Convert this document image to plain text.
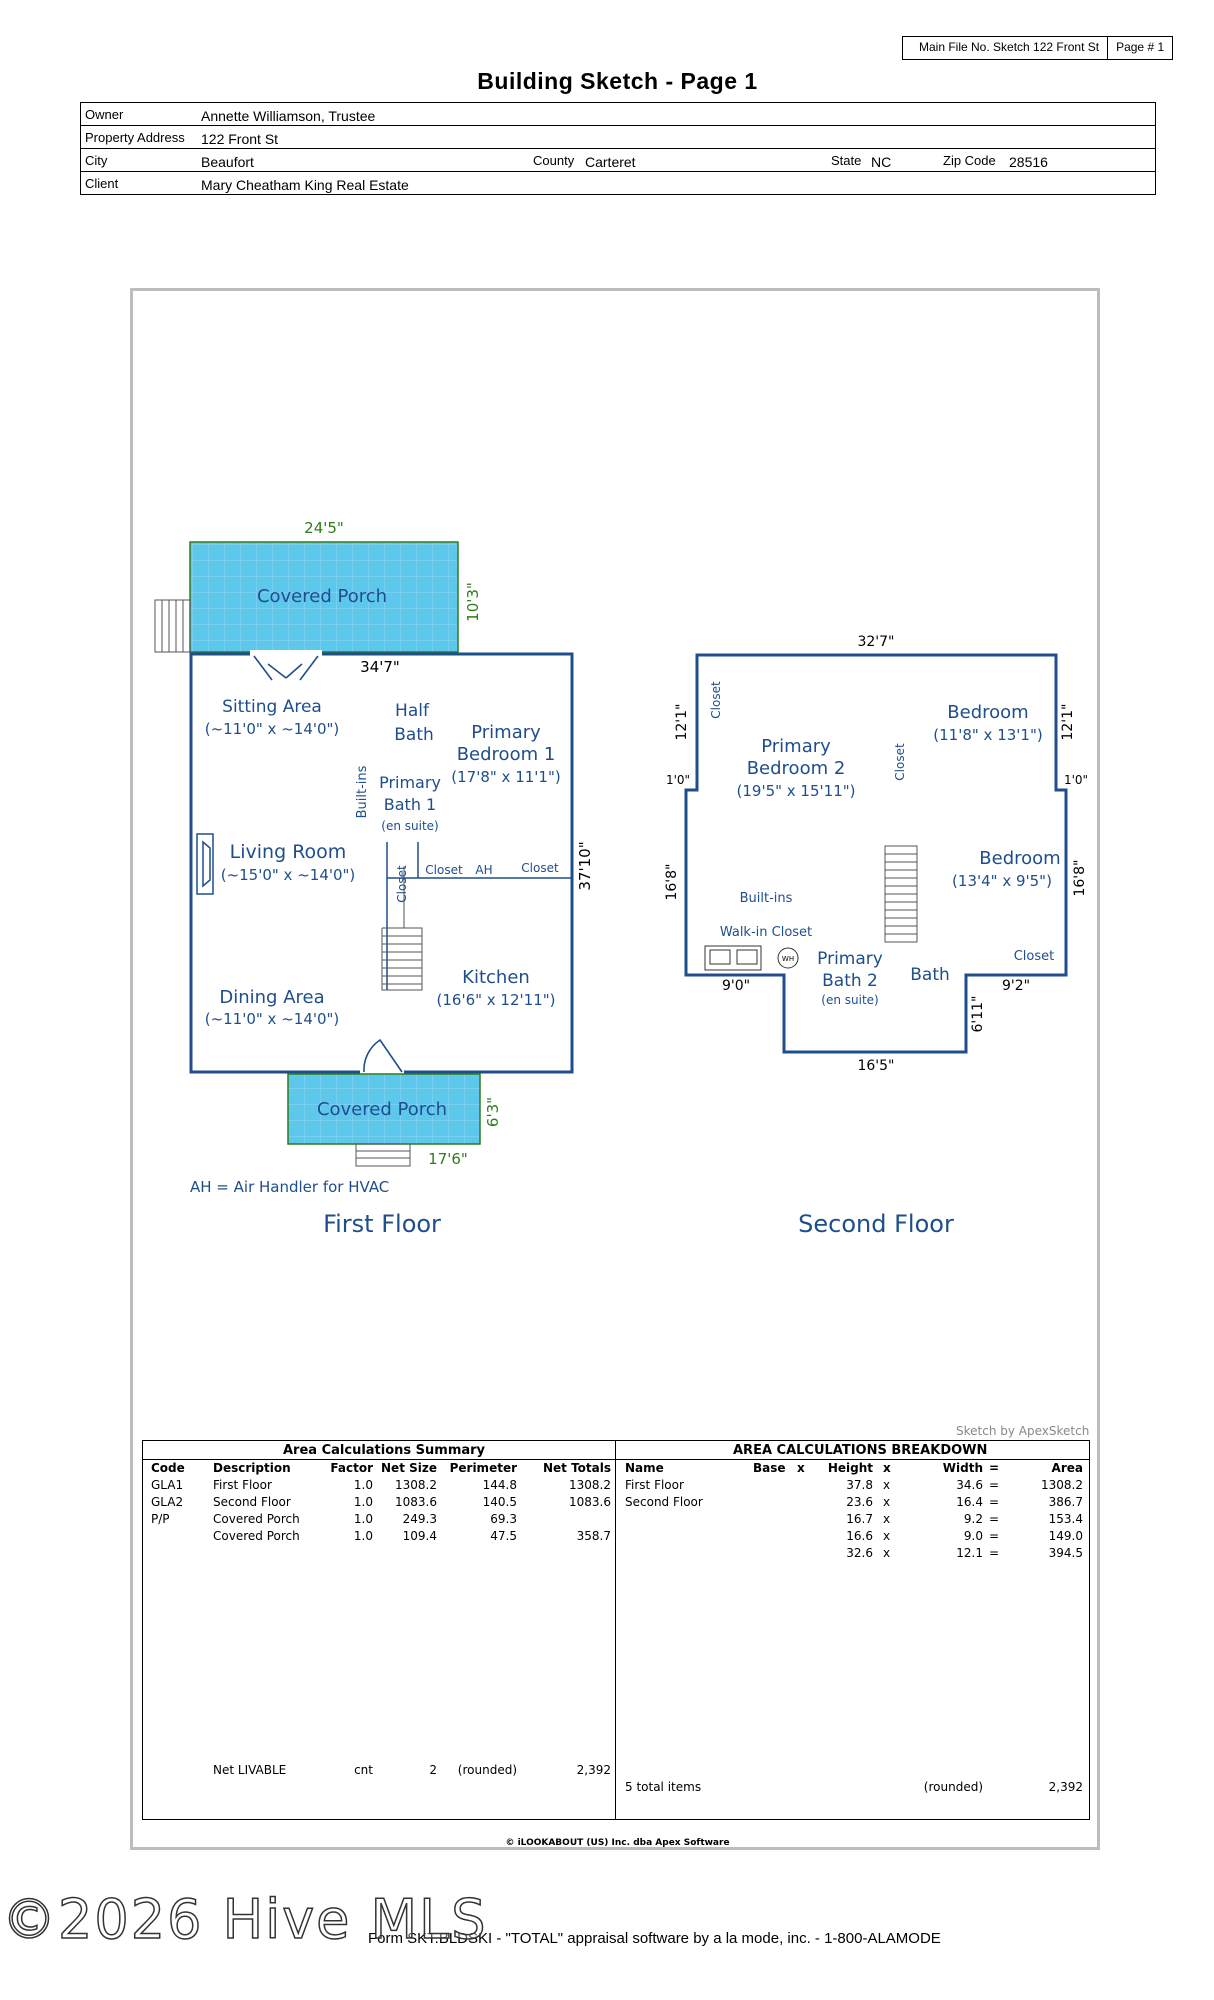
Main File No. Sketch 122 Front St	Page # 1
Building Sketch - Page 1
Owner	Annette Williamson, Trustee
Property Address 122 Front St
City	Beaufort	County Carteret	State NC	Zip Code 28516
Client	Mary Cheatham King Real Estate
Covered Porch
24'5"
10'3"
34'7"
37'10"
Sitting Area
(~11'0" x ~14'0")
Half
Bath Primary
Bedroom 1
(17'8" x 11'1")
Built-ins Primary
Bath 1
(en suite)
Living Room
(~15'0" x ~14'0")	Closet Closet AH Closet
Dining Area
(~11'0" x ~14'0")
Kitchen
(16'6" x 12'11")
Covered Porch 6'3"
17'6"
AH = Air Handler for HVAC
First Floor
32'7"
16'5"
12'1"
1'0"
16'8"
9'0"
12'1"
1'0"
16'8"
9'2"
6'11"
WH
Closet
Primary
Bedroom 2
(19'5" x 15'11")
Closet
Bedroom
(11'8" x 13'1")
Bedroom
(13'4" x 9'5")
Built-ins
Walk-in Closet
Primary
Bath 2
(en suite)
Bath
Closet
Second Floor
Sketch by ApexSketch
Area Calculations Summary
Code Description	Factor Net Size	Perimeter	Net Totals
GLA1 First Floor	1.0	1308.2	144.8	1308.2
GLA2 Second Floor	1.0	1083.6	140.5	1083.6
P/P	Covered Porch	1.0	249.3	69.3
Covered Porch	1.0	109.4	47.5	358.7
Net LIVABLE	cnt	2	(rounded)	2,392
AREA CALCULATIONS BREAKDOWN
Name	Base x	Height x	Width =	Area
First Floor	37.8 x	34.6 =	1308.2
Second Floor	23.6 x	16.4 =	386.7
16.7 x	9.2 =	153.4
16.6 x	9.0 =	149.0
32.6 x	12.1 =	394.5
5 total items	(rounded)	2,392
© iLOOKABOUT (US) Inc. dba Apex Software
Form SKT.BLDSKI - "TOTAL" appraisal software by a la mode, inc. - 1-800-ALAMODE
©2026 Hive MLS
